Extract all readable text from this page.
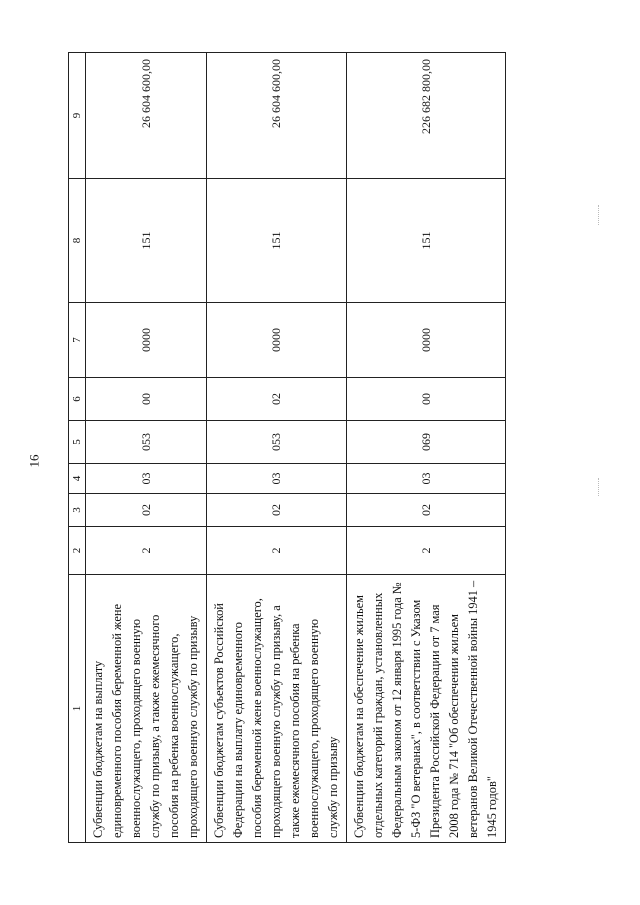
16
1	2	3	4	5	6	7	8	9
Субвенции бюджетам на выплату единовременного пособия беременной жене военнослужащего, проходящего военную службу по призыву, а также ежемесячного пособия на ребенка военнослужащего, проходящего военную службу по призыву	2	02	03	053	00	0000	151	26 604 600,00
Субвенции бюджетам субъектов Российской Федерации на выплату единовременного пособия беременной жене военнослужащего, проходящего военную службу по призыву, а также ежемесячного пособия на ребенка военнослужащего, проходящего военную службу по призыву	2	02	03	053	02	0000	151	26 604 600,00
Субвенции бюджетам на обеспечение жильем отдельных категорий граждан, установленных Федеральным законом от 12 января 1995 года № 5-ФЗ "О ветеранах", в соответствии с Указом Президента Российской Федерации от 7 мая 2008 года № 714 "Об обеспечении жильем ветеранов Великой Отечественной войны 1941 – 1945 годов"	2	02	03	069	00	0000	151	226 682 800,00
